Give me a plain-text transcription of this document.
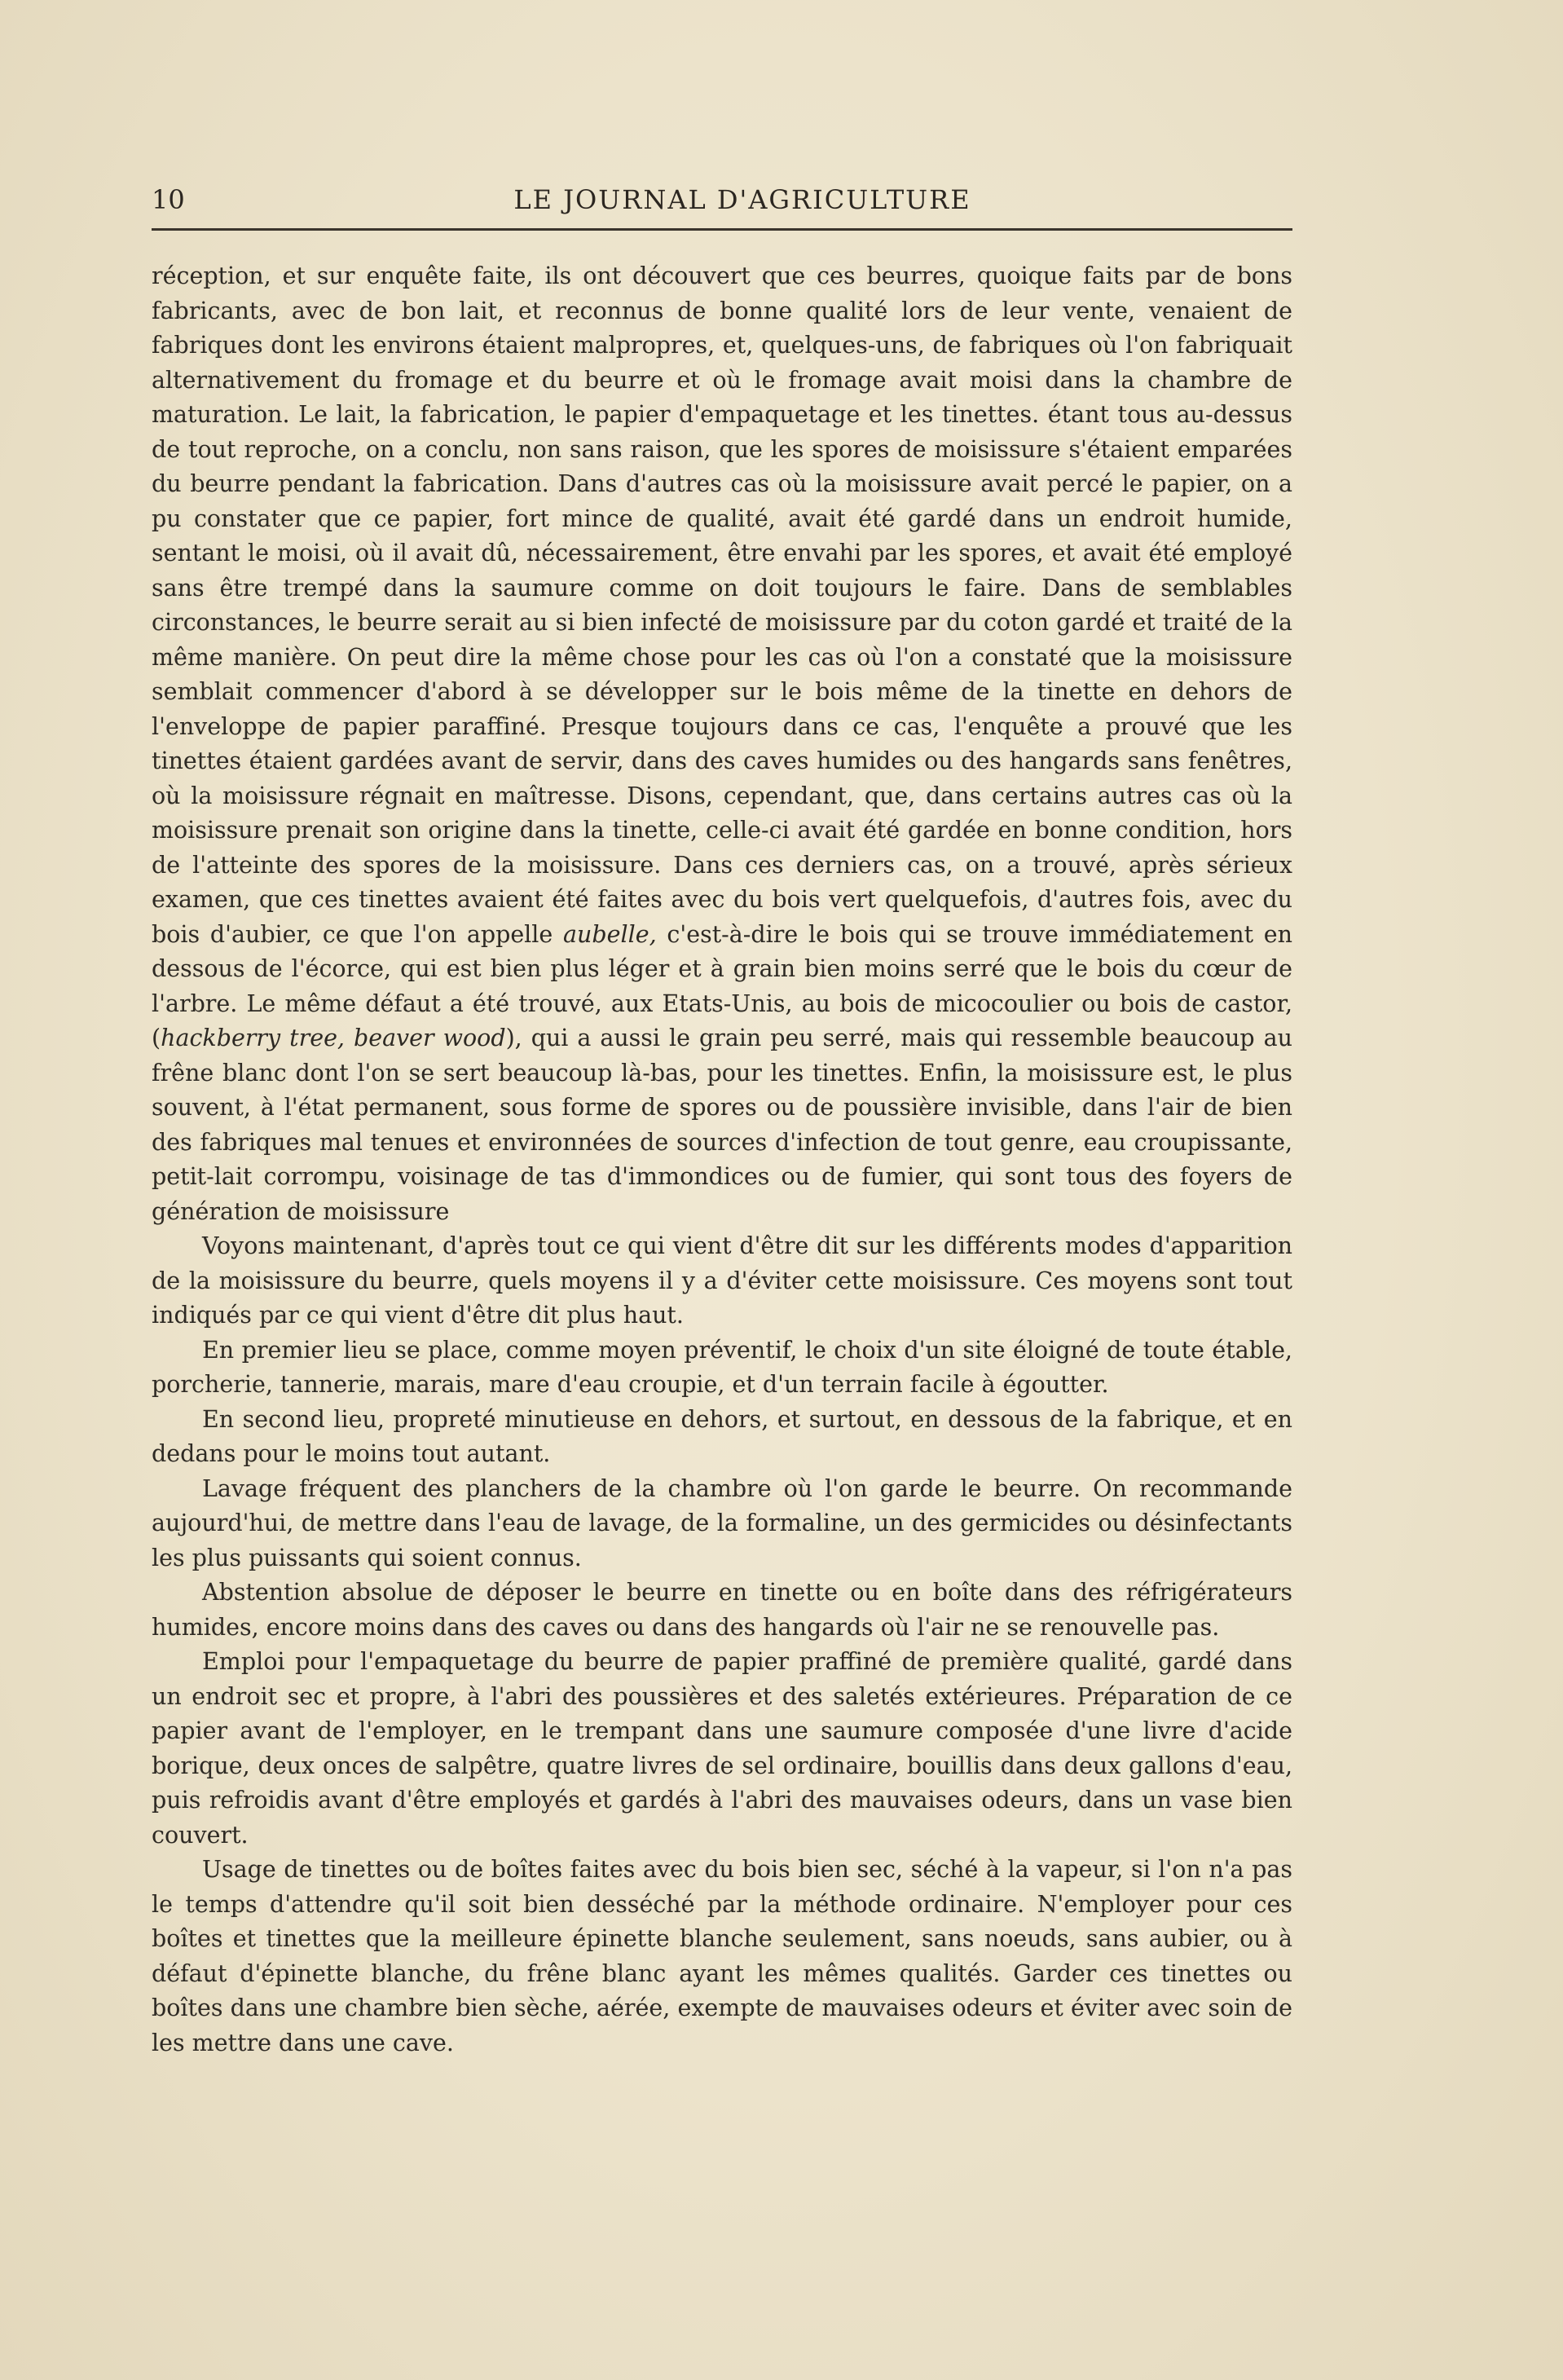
10	LE JOURNAL D'AGRICULTURE

réception, et sur enquête faite, ils ont découvert que ces beurres, quoique faits par de bons fabricants, avec de bon lait, et reconnus de bonne qualité lors de leur vente, venaient de fabriques dont les environs étaient malpropres, et, quelques-uns, de fabriques où l'on fabriquait alternativement du fromage et du beurre et où le fromage avait moisi dans la chambre de maturation. Le lait, la fabrication, le papier d'empaquetage et les tinettes. étant tous au-dessus de tout reproche, on a conclu, non sans raison, que les spores de moisissure s'étaient emparées du beurre pendant la fabrication. Dans d'autres cas où la moisissure avait percé le papier, on a pu constater que ce papier, fort mince de qualité, avait été gardé dans un endroit humide, sentant le moisi, où il avait dû, nécessairement, être envahi par les spores, et avait été employé sans être trempé dans la saumure comme on doit toujours le faire. Dans de semblables circonstances, le beurre serait au si bien infecté de moisissure par du coton gardé et traité de la même manière. On peut dire la même chose pour les cas où l'on a constaté que la moisissure semblait commencer d'abord à se développer sur le bois même de la tinette en dehors de l'enveloppe de papier paraffiné. Presque toujours dans ce cas, l'enquête a prouvé que les tinettes étaient gardées avant de servir, dans des caves humides ou des hangards sans fenêtres, où la moisissure régnait en maîtresse. Disons, cependant, que, dans certains autres cas où la moisissure prenait son origine dans la tinette, celle-ci avait été gardée en bonne condition, hors de l'atteinte des spores de la moisissure. Dans ces derniers cas, on a trouvé, après sérieux examen, que ces tinettes avaient été faites avec du bois vert quelquefois, d'autres fois, avec du bois d'aubier, ce que l'on appelle aubelle, c'est-à-dire le bois qui se trouve immédiatement en dessous de l'écorce, qui est bien plus léger et à grain bien moins serré que le bois du cœur de l'arbre. Le même défaut a été trouvé, aux Etats-Unis, au bois de micocoulier ou bois de castor, (hackberry tree, beaver wood), qui a aussi le grain peu serré, mais qui ressemble beaucoup au frêne blanc dont l'on se sert beaucoup là-bas, pour les tinettes. Enfin, la moisissure est, le plus souvent, à l'état permanent, sous forme de spores ou de poussière invisible, dans l'air de bien des fabriques mal tenues et environnées de sources d'infection de tout genre, eau croupissante, petit-lait corrompu, voisinage de tas d'immondices ou de fumier, qui sont tous des foyers de génération de moisissure

Voyons maintenant, d'après tout ce qui vient d'être dit sur les différents modes d'apparition de la moisissure du beurre, quels moyens il y a d'éviter cette moisissure. Ces moyens sont tout indiqués par ce qui vient d'être dit plus haut.

En premier lieu se place, comme moyen préventif, le choix d'un site éloigné de toute étable, porcherie, tannerie, marais, mare d'eau croupie, et d'un terrain facile à égoutter.

En second lieu, propreté minutieuse en dehors, et surtout, en dessous de la fabrique, et en dedans pour le moins tout autant.

Lavage fréquent des planchers de la chambre où l'on garde le beurre. On recommande aujourd'hui, de mettre dans l'eau de lavage, de la formaline, un des germicides ou désinfectants les plus puissants qui soient connus.

Abstention absolue de déposer le beurre en tinette ou en boîte dans des réfrigérateurs humides, encore moins dans des caves ou dans des hangards où l'air ne se renouvelle pas.

Emploi pour l'empaquetage du beurre de papier praffiné de première qualité, gardé dans un endroit sec et propre, à l'abri des poussières et des saletés extérieures. Préparation de ce papier avant de l'employer, en le trempant dans une saumure composée d'une livre d'acide borique, deux onces de salpêtre, quatre livres de sel ordinaire, bouillis dans deux gallons d'eau, puis refroidis avant d'être employés et gardés à l'abri des mauvaises odeurs, dans un vase bien couvert.

Usage de tinettes ou de boîtes faites avec du bois bien sec, séché à la vapeur, si l'on n'a pas le temps d'attendre qu'il soit bien desséché par la méthode ordinaire. N'employer pour ces boîtes et tinettes que la meilleure épinette blanche seulement, sans noeuds, sans aubier, ou à défaut d'épinette blanche, du frêne blanc ayant les mêmes qualités. Garder ces tinettes ou boîtes dans une chambre bien sèche, aérée, exempte de mauvaises odeurs et éviter avec soin de les mettre dans une cave.
